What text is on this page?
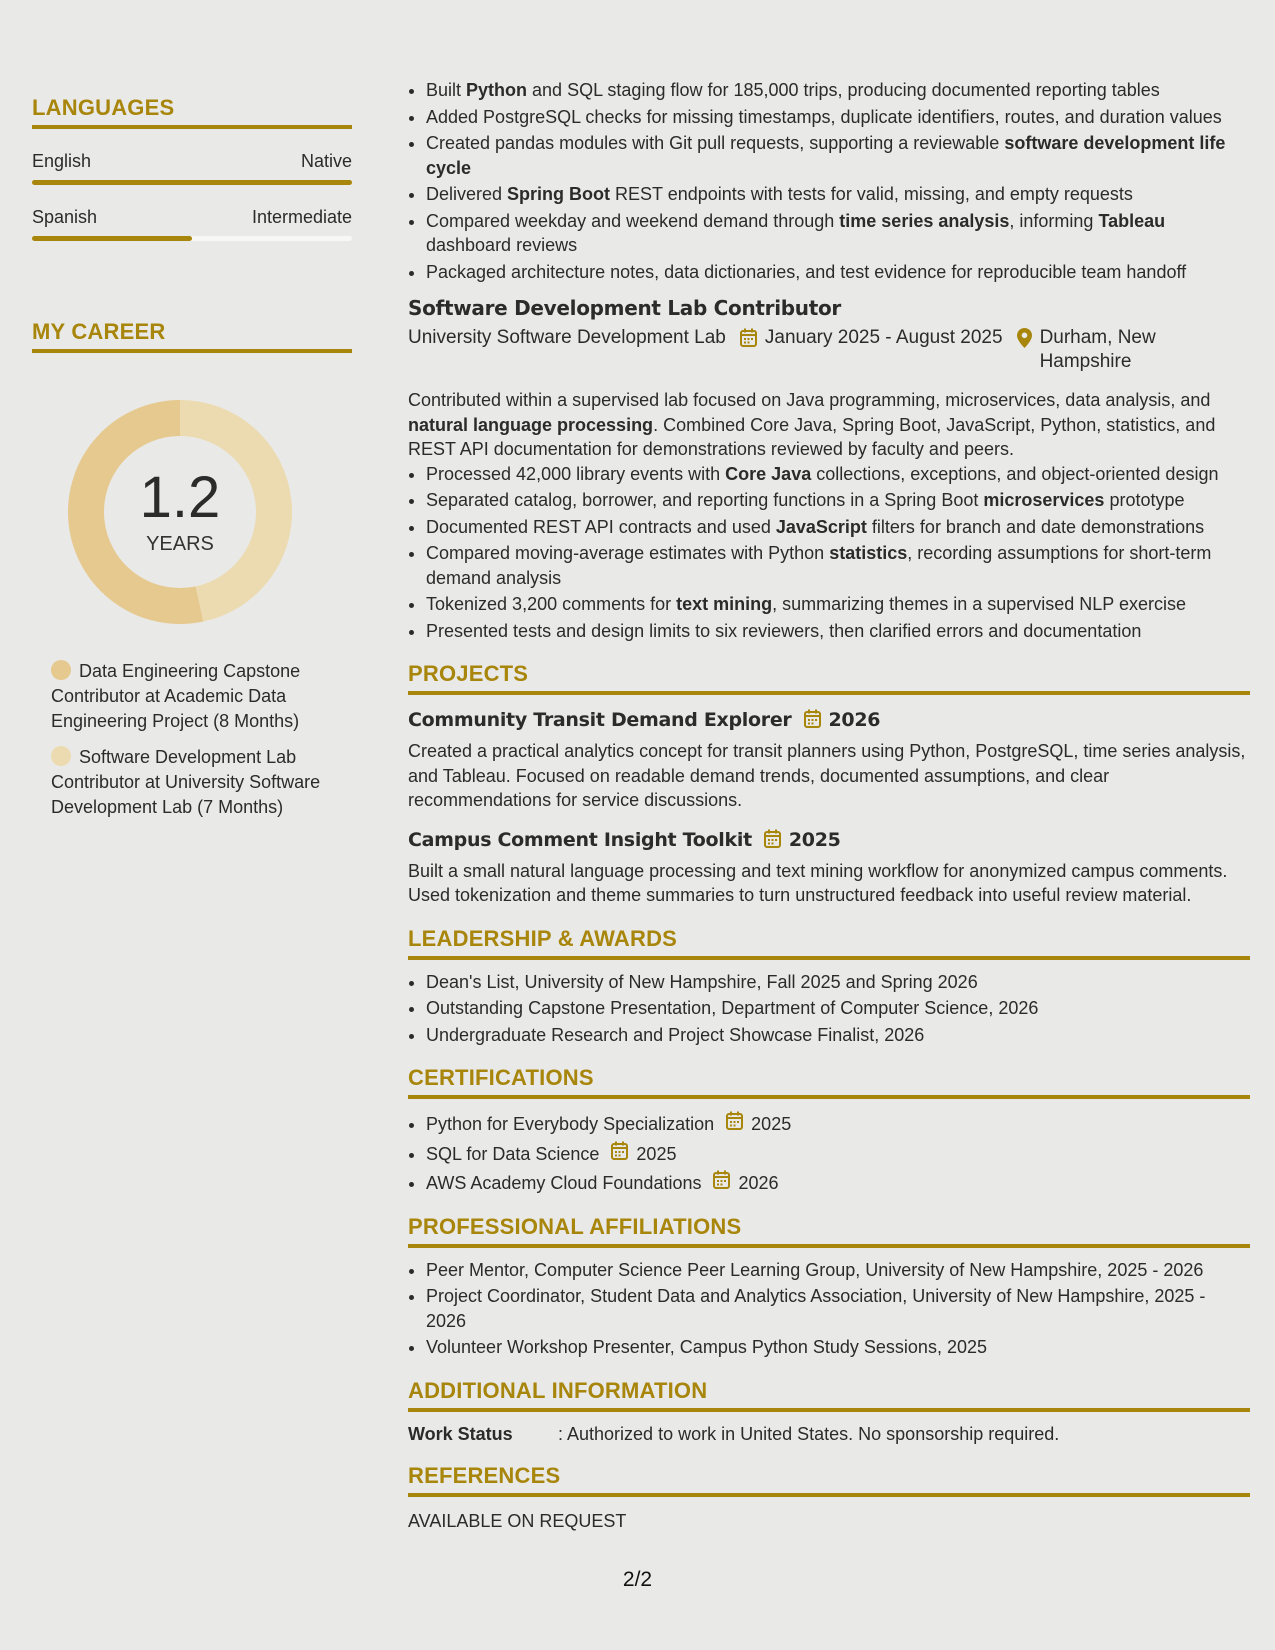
LANGUAGES
English	Native
Spanish	Intermediate
MY CAREER
1.2
YEARS
Data Engineering Capstone Contributor at Academic Data Engineering Project (8 Months)
Software Development Lab Contributor at University Software Development Lab (7 Months)
• Built Python and SQL staging flow for 185,000 trips, producing documented reporting tables
• Added PostgreSQL checks for missing timestamps, duplicate identifiers, routes, and duration values
• Created pandas modules with Git pull requests, supporting a reviewable software development life cycle
• Delivered Spring Boot REST endpoints with tests for valid, missing, and empty requests
• Compared weekday and weekend demand through time series analysis, informing Tableau dashboard reviews
• Packaged architecture notes, data dictionaries, and test evidence for reproducible team handoff
Software Development Lab Contributor
University Software Development Lab January 2025 - August 2025 Durham, New Hampshire
Contributed within a supervised lab focused on Java programming, microservices, data analysis, and natural language processing. Combined Core Java, Spring Boot, JavaScript, Python, statistics, and REST API documentation for demonstrations reviewed by faculty and peers.
• Processed 42,000 library events with Core Java collections, exceptions, and object-oriented design
• Separated catalog, borrower, and reporting functions in a Spring Boot microservices prototype
• Documented REST API contracts and used JavaScript filters for branch and date demonstrations
• Compared moving-average estimates with Python statistics, recording assumptions for short-term demand analysis
• Tokenized 3,200 comments for text mining, summarizing themes in a supervised NLP exercise
• Presented tests and design limits to six reviewers, then clarified errors and documentation
PROJECTS
Community Transit Demand Explorer 2026
Created a practical analytics concept for transit planners using Python, PostgreSQL, time series analysis, and Tableau. Focused on readable demand trends, documented assumptions, and clear recommendations for service discussions.
Campus Comment Insight Toolkit 2025
Built a small natural language processing and text mining workflow for anonymized campus comments. Used tokenization and theme summaries to turn unstructured feedback into useful review material.
LEADERSHIP & AWARDS
• Dean's List, University of New Hampshire, Fall 2025 and Spring 2026
• Outstanding Capstone Presentation, Department of Computer Science, 2026
• Undergraduate Research and Project Showcase Finalist, 2026
CERTIFICATIONS
• Python for Everybody Specialization 2025
• SQL for Data Science 2025
• AWS Academy Cloud Foundations 2026
PROFESSIONAL AFFILIATIONS
• Peer Mentor, Computer Science Peer Learning Group, University of New Hampshire, 2025 - 2026
• Project Coordinator, Student Data and Analytics Association, University of New Hampshire, 2025 - 2026
• Volunteer Workshop Presenter, Campus Python Study Sessions, 2025
ADDITIONAL INFORMATION
Work Status	: Authorized to work in United States. No sponsorship required.
REFERENCES
AVAILABLE ON REQUEST
2/2
